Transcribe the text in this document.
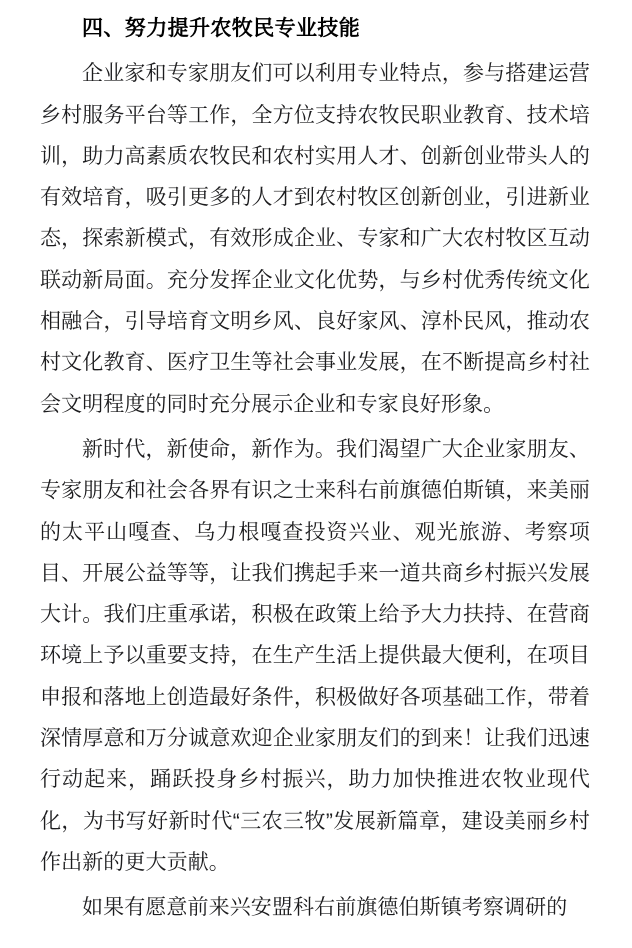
四、努力提升农牧民专业技能

企业家和专家朋友们可以利用专业特点，参与搭建运营乡村服务平台等工作，全方位支持农牧民职业教育、技术培训，助力高素质农牧民和农村实用人才、创新创业带头人的有效培育，吸引更多的人才到农村牧区创新创业，引进新业态，探索新模式，有效形成企业、专家和广大农村牧区互动联动新局面。充分发挥企业文化优势，与乡村优秀传统文化相融合，引导培育文明乡风、良好家风、淳朴民风，推动农村文化教育、医疗卫生等社会事业发展，在不断提高乡村社会文明程度的同时充分展示企业和专家良好形象。

新时代，新使命，新作为。我们渴望广大企业家朋友、专家朋友和社会各界有识之士来科右前旗德伯斯镇，来美丽的太平山嘎查、乌力根嘎查投资兴业、观光旅游、考察项目、开展公益等等，让我们携起手来一道共商乡村振兴发展大计。我们庄重承诺，积极在政策上给予大力扶持、在营商环境上予以重要支持，在生产生活上提供最大便利，在项目申报和落地上创造最好条件，积极做好各项基础工作，带着深情厚意和万分诚意欢迎企业家朋友们的到来！让我们迅速行动起来，踊跃投身乡村振兴，助力加快推进农牧业现代化，为书写好新时代“三农三牧”发展新篇章，建设美丽乡村作出新的更大贡献。

如果有愿意前来兴安盟科右前旗德伯斯镇考察调研的
